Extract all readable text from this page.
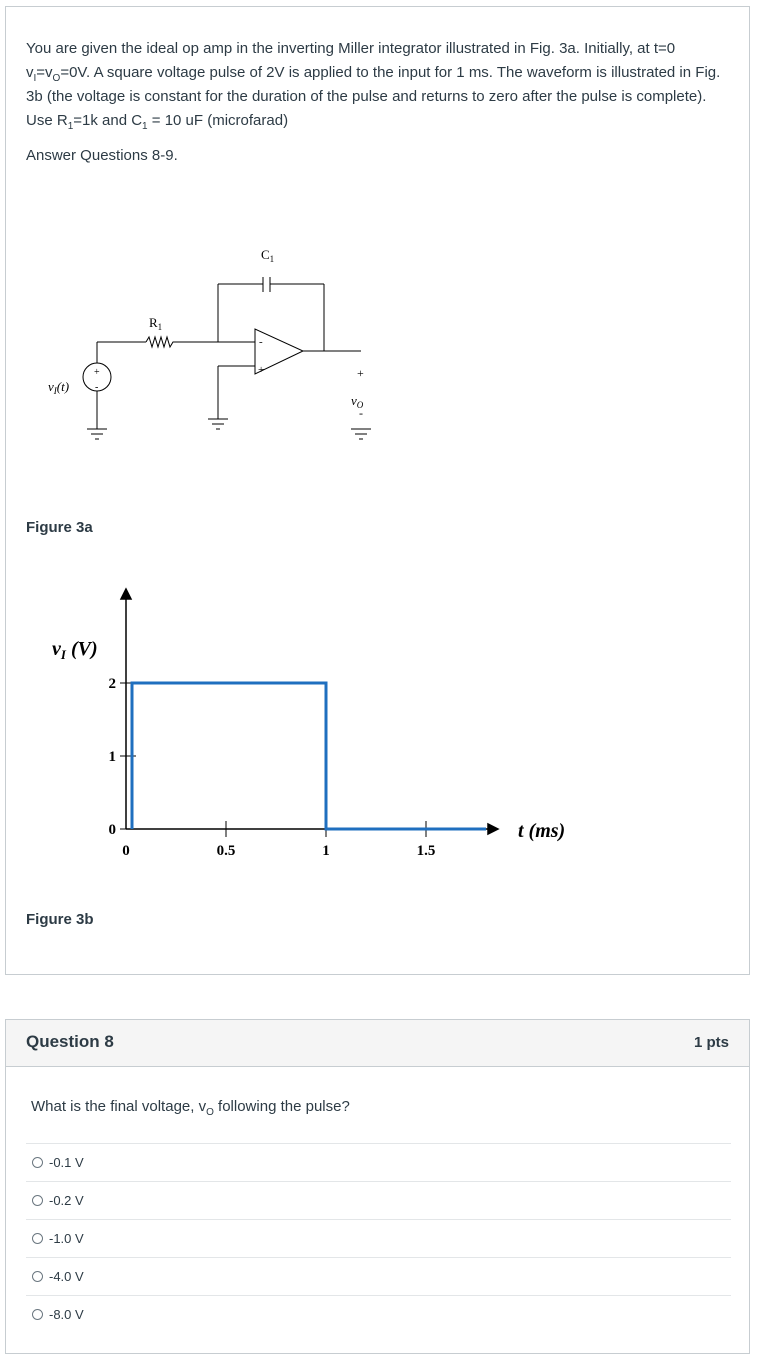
You are given the ideal op amp in the inverting Miller integrator illustrated in Fig. 3a. Initially, at t=0 $v_I=v_O=0V$. A square voltage pulse of 2V is applied to the input for 1 ms. The waveform is illustrated in Fig. 3b (the voltage is constant for the duration of the pulse and returns to zero after the pulse is complete). Use $R_1=1k$ and $C_1 = 10$ uF (microfarad)

Answer Questions 8-9.

$C_1$
$R_1$
$v_I(t)$
+
-
-
+	+
-
$v_O$

Figure 3a

0	0.5	1	1.5
0
1
2
$v_I$ (V)
t (ms)

Figure 3b

Question 8	1 pts

What is the final voltage, $v_O$ following the pulse?

-0.1 V
-0.2 V
-1.0 V
-4.0 V
-8.0 V
